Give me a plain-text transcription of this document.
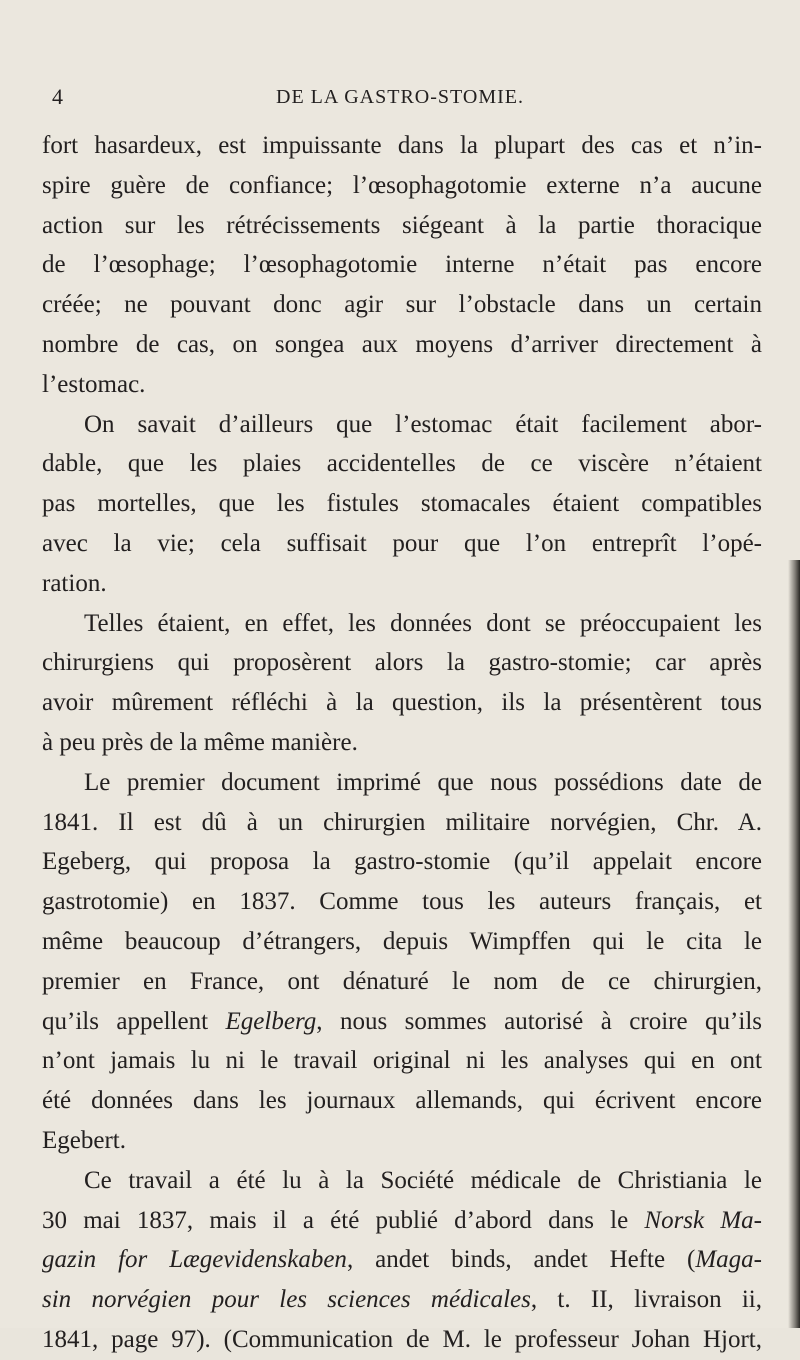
4	DE LA GASTRO-STOMIE.
fort hasardeux, est impuissante dans la plupart des cas et n’in-
spire guère de confiance; l’œsophagotomie externe n’a aucune
action sur les rétrécissements siégeant à la partie thoracique
de l’œsophage; l’œsophagotomie interne n’était pas encore
créée; ne pouvant donc agir sur l’obstacle dans un certain
nombre de cas, on songea aux moyens d’arriver directement à
l’estomac.
On savait d’ailleurs que l’estomac était facilement abor-
dable, que les plaies accidentelles de ce viscère n’étaient
pas mortelles, que les fistules stomacales étaient compatibles
avec la vie; cela suffisait pour que l’on entreprît l’opé-
ration.
Telles étaient, en effet, les données dont se préoccupaient les
chirurgiens qui proposèrent alors la gastro-stomie; car après
avoir mûrement réfléchi à la question, ils la présentèrent tous
à peu près de la même manière.
Le premier document imprimé que nous possédions date de
1841. Il est dû à un chirurgien militaire norvégien, Chr. A.
Egeberg, qui proposa la gastro-stomie (qu’il appelait encore
gastrotomie) en 1837. Comme tous les auteurs français, et
même beaucoup d’étrangers, depuis Wimpffen qui le cita le
premier en France, ont dénaturé le nom de ce chirurgien,
qu’ils appellent Egelberg, nous sommes autorisé à croire qu’ils
n’ont jamais lu ni le travail original ni les analyses qui en ont
été données dans les journaux allemands, qui écrivent encore
Egebert.
Ce travail a été lu à la Société médicale de Christiania le
30 mai 1837, mais il a été publié d’abord dans le Norsk Ma-
gazin for Lægevidenskaben, andet binds, andet Hefte (Maga-
sin norvégien pour les sciences médicales, t. II, livraison ii,
1841, page 97). (Communication de M. le professeur Johan Hjort,
